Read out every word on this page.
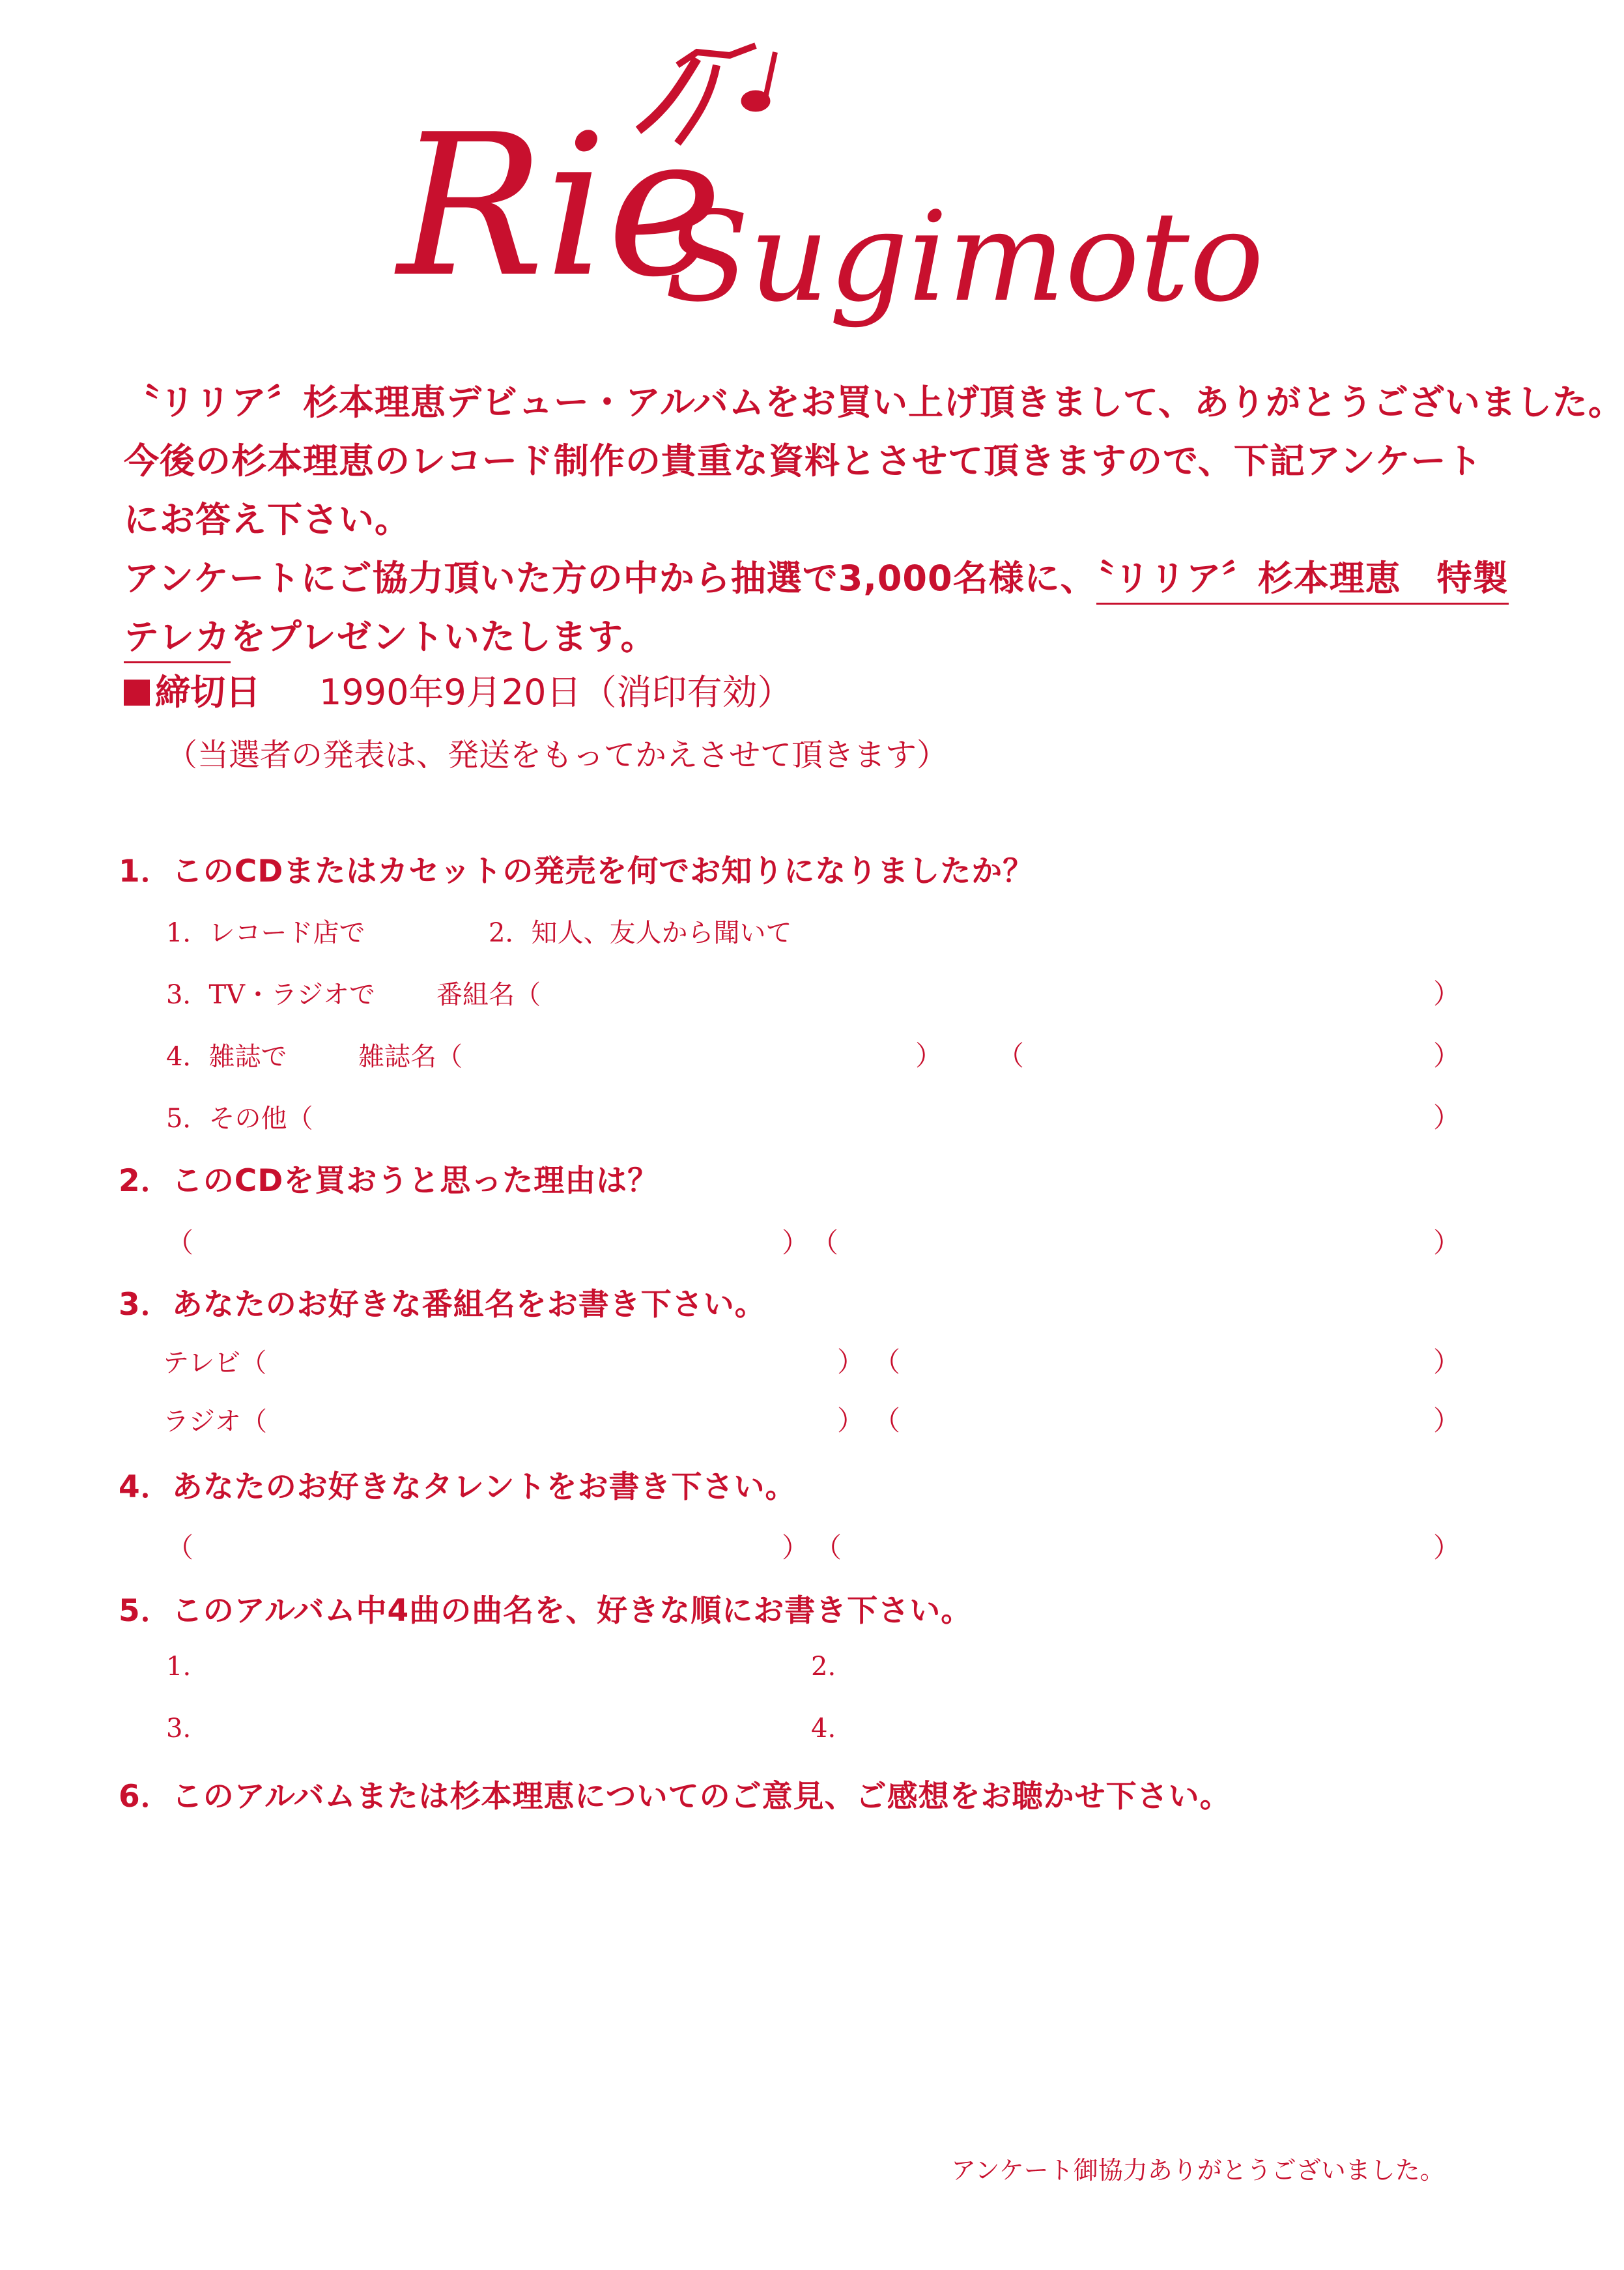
Rie
Sugimoto
〝リリア〞杉本理恵デビュー・アルバムをお買い上げ頂きまして、ありがとうございました。
今後の杉本理恵のレコード制作の貴重な資料とさせて頂きますので、下記アンケート
にお答え下さい。
アンケートにご協力頂いた方の中から抽選で3,000名様に、〝リリア〞杉本理恵　特製
テレカをプレゼントいたします。
締切日 1990年9月20日（消印有効）
（当選者の発表は、発送をもってかえさせて頂きます）
1．このCDまたはカセットの発売を何でお知りになりましたか？
1．レコード店で	2．知人、友人から聞いて
3．TV・ラジオで 番組名（	）
4．雑誌で	雑誌名（	） （	）
5．その他（	）
2．このCDを買おうと思った理由は？
（	） （	）
3．あなたのお好きな番組名をお書き下さい。
テレビ（	） （	）
ラジオ（	） （	）
4．あなたのお好きなタレントをお書き下さい。
（	） （	）
5．このアルバム中4曲の曲名を、好きな順にお書き下さい。
1.	2.
3.	4.
6．このアルバムまたは杉本理恵についてのご意見、ご感想をお聴かせ下さい。
アンケート御協力ありがとうございました。
